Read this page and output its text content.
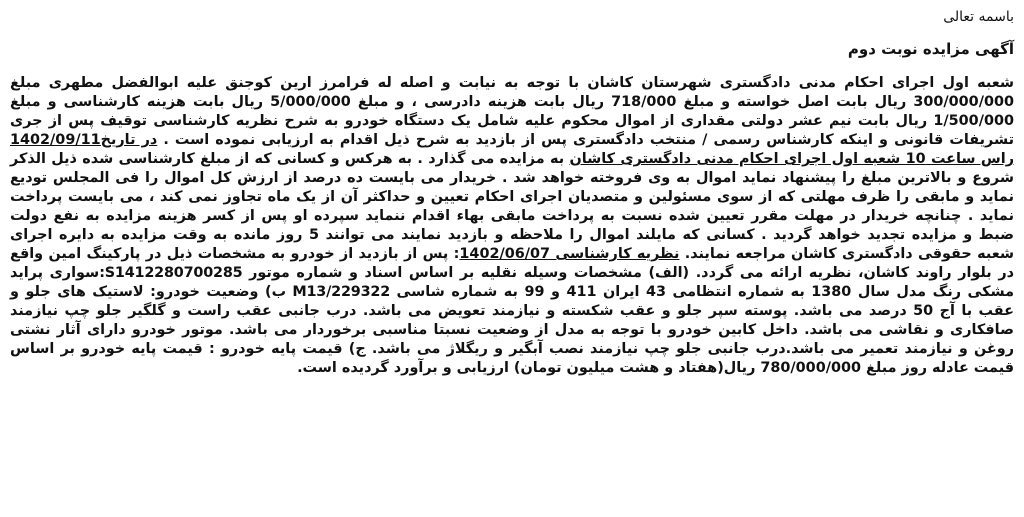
باسمه تعالی
آگهی مزایده نوبت دوم

شعبه اول اجرای احکام مدنی دادگستری شهرستان کاشان با توجه به نیابت و اصله له فرامرز ارین کوجنق علیه ابوالفضل مطهری مبلغ 300/000/000 ریال بابت اصل خواسته و مبلغ 718/000 ریال بابت هزینه دادرسی ، و مبلغ 5/000/000 ریال بابت هزینه کارشناسی و مبلغ 1/500/000 ریال بابت نیم عشر دولتی مقداری از اموال محکوم علیه شامل یک دستگاه خودرو به شرح نظریه کارشناسی توقیف پس از جری تشریفات قانونی و اینکه کارشناس رسمی / منتخب دادگستری پس از بازدید به شرح ذیل اقدام به ارزیابی نموده است . در تاریخ1402/09/11 راس ساعت 10 شعبه اول اجرای احکام مدنی دادگستری کاشان به مزایده می گذارد . به هرکس و کسانی که از مبلغ کارشناسی شده ذیل الذکر شروع و بالاترین مبلغ را پیشنهاد نماید اموال به وی فروخته خواهد شد . خریدار می بایست ده درصد از ارزش کل اموال را فی المجلس تودیع نماید و مابقی را ظرف مهلتی که از سوی مسئولین و متصدیان اجرای احکام تعیین و حداکثر آن از یک ماه تجاوز نمی کند ، می بایست پرداخت نماید . چنانچه خریدار در مهلت مقرر تعیین شده نسبت به پرداخت مابقی بهاء اقدام ننماید سپرده او پس از کسر هزینه مزایده به نفع دولت ضبط و مزایده تجدید خواهد گردید . کسانی که مایلند اموال را ملاحظه و بازدید نمایند می توانند 5 روز مانده به وقت مزایده به دایره اجرای شعبه حقوقی دادگستری کاشان مراجعه نمایند. نظریه کارشناسی 1402/06/07: پس از بازدید از خودرو به مشخصات ذیل در پارکینگ امین واقع در بلوار راوند کاشان، نظریه ارائه می گردد. (الف) مشخصات وسیله نقلیه بر اساس اسناد و شماره موتور S1412280700285:سواری پراید مشکی رنگ مدل سال 1380 به شماره انتظامی 43 ایران 411 و 99 به شماره شاسی M13/229322 ب) وضعیت خودرو: لاستیک های جلو و عقب با آج 50 درصد می باشد. پوسته سپر جلو و عقب شکسته و نیازمند تعویض می باشد. درب جانبی عقب راست و گلگیر جلو چپ نیازمند صافکاری و نقاشی می باشد. داخل کابین خودرو با توجه به مدل از وضعیت نسبتا مناسبی برخوردار می باشد. موتور خودرو دارای آثار نشتی روغن و نیازمند تعمیر می باشد.درب جانبی جلو چپ نیازمند نصب آبگیر و ریگلاژ می باشد. ج) قیمت پایه خودرو : قیمت پایه خودرو بر اساس قیمت عادله روز مبلغ 780/000/000 ریال(هفتاد و هشت میلیون تومان) ارزیابی و برآورد گردیده است.
